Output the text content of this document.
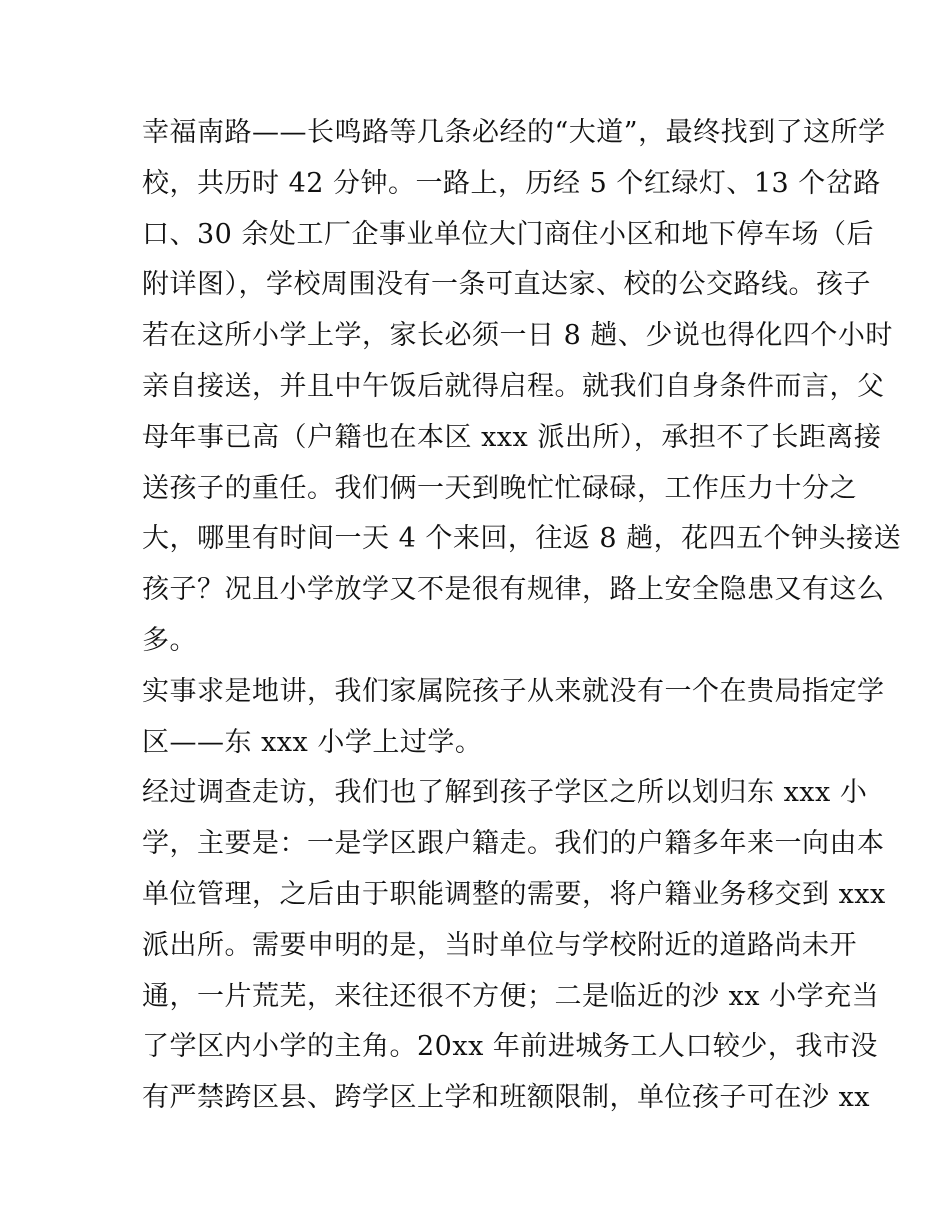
幸福南路——长鸣路等几条必经的“大道”，最终找到了这所学
校，共历时 42 分钟。一路上，历经 5 个红绿灯、13 个岔路
口、30 余处工厂企事业单位大门商住小区和地下停车场（后
附详图），学校周围没有一条可直达家、校的公交路线。孩子
若在这所小学上学，家长必须一日 8 趟、少说也得化四个小时
亲自接送，并且中午饭后就得启程。就我们自身条件而言，父
母年事已高（户籍也在本区 xxx 派出所），承担不了长距离接
送孩子的重任。我们俩一天到晚忙忙碌碌，工作压力十分之
大，哪里有时间一天 4 个来回，往返 8 趟，花四五个钟头接送
孩子？况且小学放学又不是很有规律，路上安全隐患又有这么
多。
实事求是地讲，我们家属院孩子从来就没有一个在贵局指定学
区——东 xxx 小学上过学。
经过调查走访，我们也了解到孩子学区之所以划归东 xxx 小
学，主要是：一是学区跟户籍走。我们的户籍多年来一向由本
单位管理，之后由于职能调整的需要，将户籍业务移交到 xxx
派出所。需要申明的是，当时单位与学校附近的道路尚未开
通，一片荒芜，来往还很不方便；二是临近的沙 xx 小学充当
了学区内小学的主角。20xx 年前进城务工人口较少，我市没
有严禁跨区县、跨学区上学和班额限制，单位孩子可在沙 xx
